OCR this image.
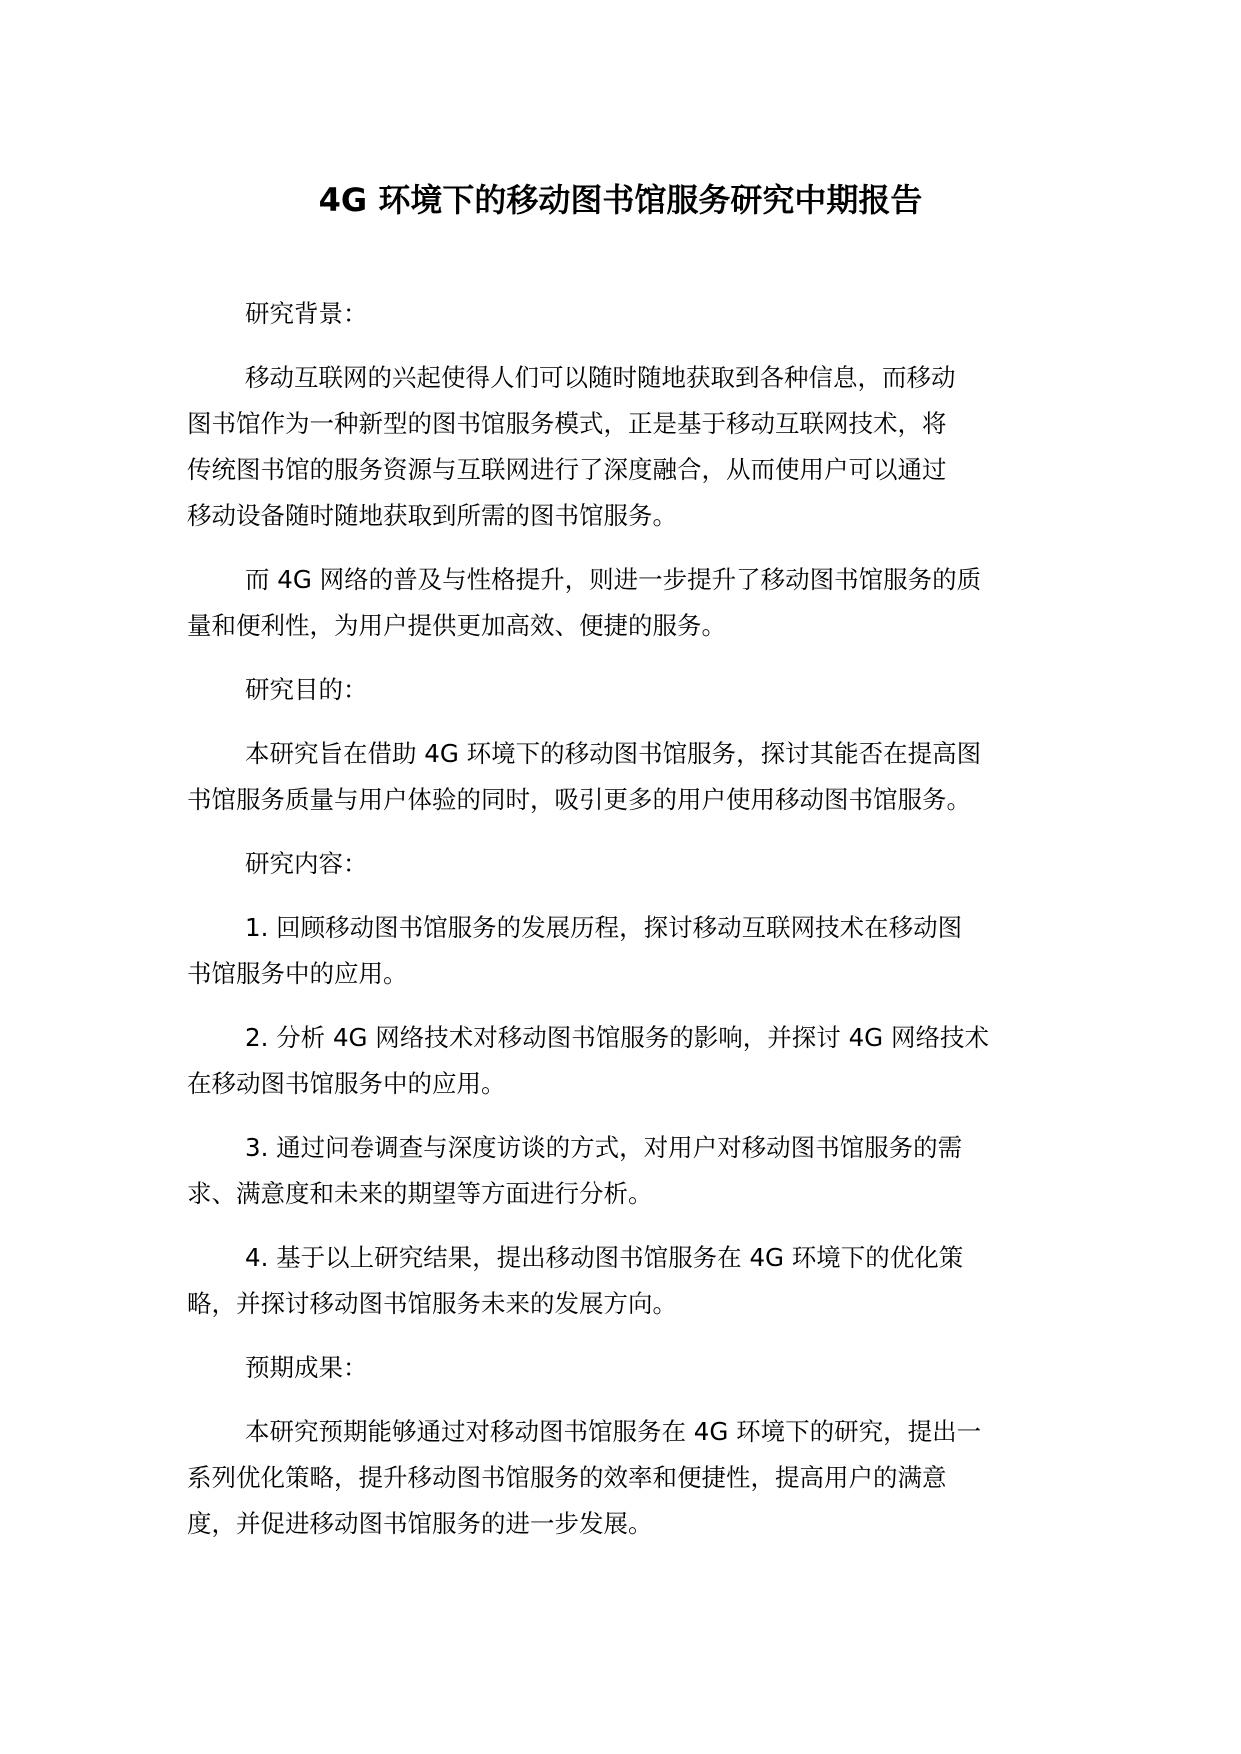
4G 环境下的移动图书馆服务研究中期报告

研究背景：

移动互联网的兴起使得人们可以随时随地获取到各种信息，而移动
图书馆作为一种新型的图书馆服务模式，正是基于移动互联网技术，将
传统图书馆的服务资源与互联网进行了深度融合，从而使用户可以通过
移动设备随时随地获取到所需的图书馆服务。

而 4G 网络的普及与性格提升，则进一步提升了移动图书馆服务的质
量和便利性，为用户提供更加高效、便捷的服务。

研究目的：

本研究旨在借助 4G 环境下的移动图书馆服务，探讨其能否在提高图
书馆服务质量与用户体验的同时，吸引更多的用户使用移动图书馆服务。

研究内容：

1. 回顾移动图书馆服务的发展历程，探讨移动互联网技术在移动图
书馆服务中的应用。

2. 分析 4G 网络技术对移动图书馆服务的影响，并探讨 4G 网络技术
在移动图书馆服务中的应用。

3. 通过问卷调查与深度访谈的方式，对用户对移动图书馆服务的需
求、满意度和未来的期望等方面进行分析。

4. 基于以上研究结果，提出移动图书馆服务在 4G 环境下的优化策
略，并探讨移动图书馆服务未来的发展方向。

预期成果：

本研究预期能够通过对移动图书馆服务在 4G 环境下的研究，提出一
系列优化策略，提升移动图书馆服务的效率和便捷性，提高用户的满意
度，并促进移动图书馆服务的进一步发展。
